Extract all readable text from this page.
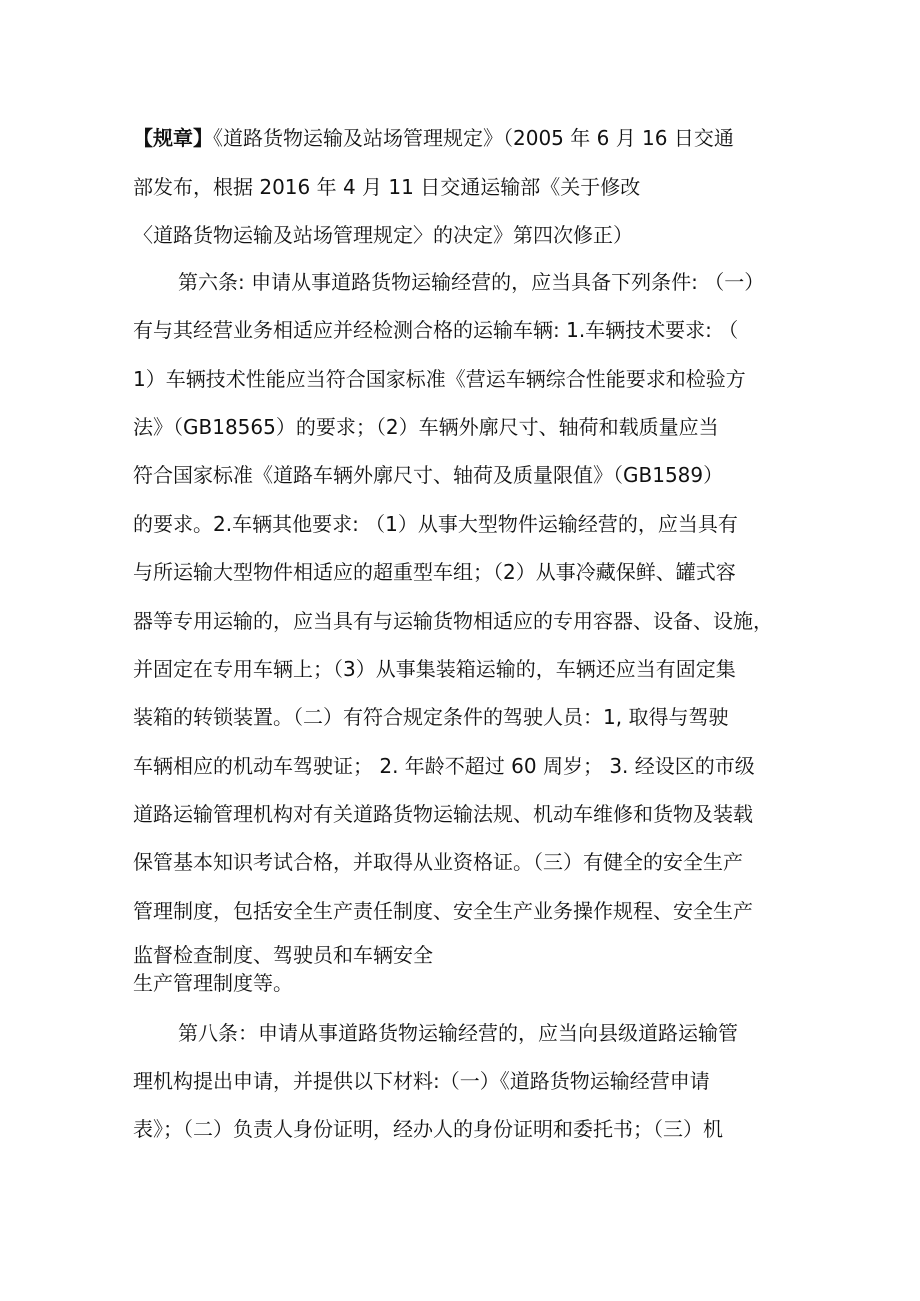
【规章】《道路货物运输及站场管理规定》（2005 年 6 月 16 日交通

部发布，根据 2016 年 4 月 11 日交通运输部《关于修改

〈道路货物运输及站场管理规定〉的决定》第四次修正）

第六条: 申请从事道路货物运输经营的，应当具备下列条件: （一）

有与其经营业务相适应并经检测合格的运输车辆: 1.车辆技术要求: （

1）车辆技术性能应当符合国家标准《营运车辆综合性能要求和检验方

法》（GB18565）的要求；（2）车辆外廓尺寸、轴荷和载质量应当

符合国家标准《道路车辆外廓尺寸、轴荷及质量限值》（GB1589）

的要求。2.车辆其他要求: （1）从事大型物件运输经营的，应当具有

与所运输大型物件相适应的超重型车组；（2）从事冷藏保鲜、罐式容

器等专用运输的，应当具有与运输货物相适应的专用容器、设备、设施，

并固定在专用车辆上；（3）从事集装箱运输的，车辆还应当有固定集

装箱的转锁装置。（二）有符合规定条件的驾驶人员：1, 取得与驾驶

车辆相应的机动车驾驶证； 2. 年龄不超过 60 周岁； 3. 经设区的市级

道路运输管理机构对有关道路货物运输法规、机动车维修和货物及装载

保管基本知识考试合格，并取得从业资格证。（三）有健全的安全生产

管理制度，包括安全生产责任制度、安全生产业务操作规程、安全生产

监督检查制度、驾驶员和车辆安全

生产管理制度等。

第八条：申请从事道路货物运输经营的，应当向县级道路运输管

理机构提出申请，并提供以下材料:（一）《道路货物运输经营申请

表》；（二）负责人身份证明，经办人的身份证明和委托书；（三）机
